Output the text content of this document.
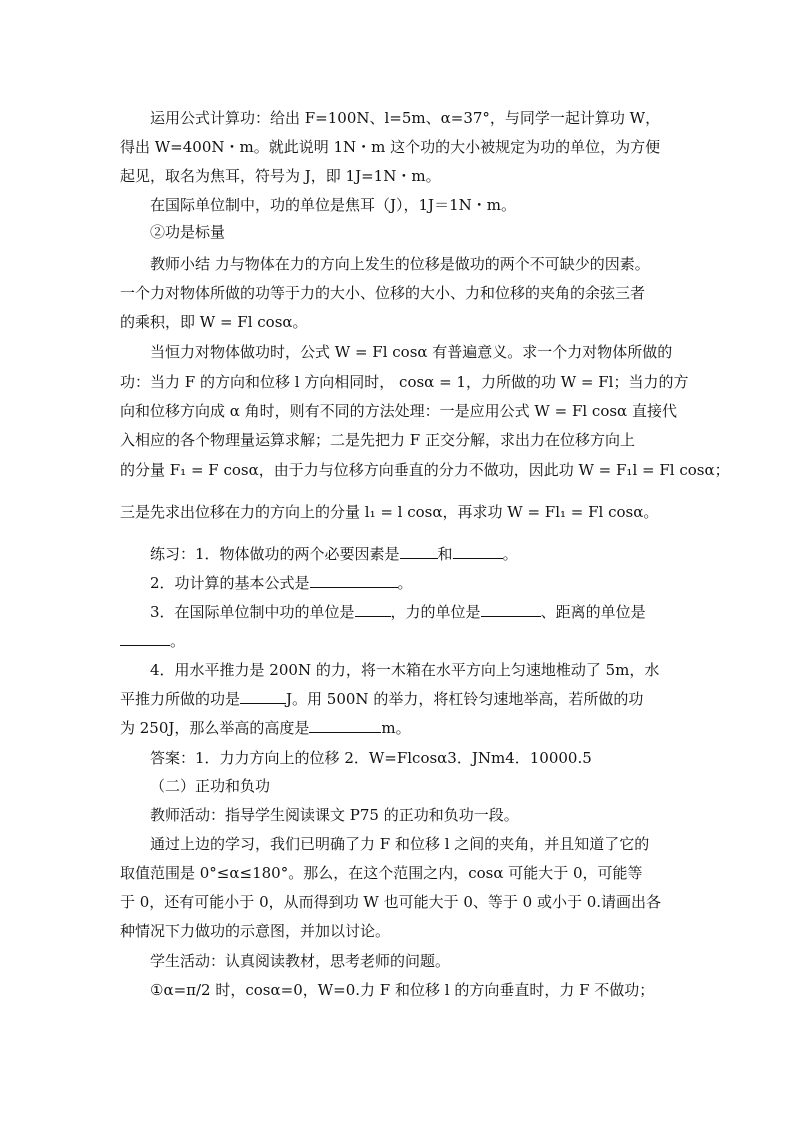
运用公式计算功：给出 F=100N、l=5m、α=37°，与同学一起计算功 W，
得出 W=400N・m。就此说明 1N・m 这个功的大小被规定为功的单位，为方便
起见，取名为焦耳，符号为 J，即 1J=1N・m。
在国际单位制中，功的单位是焦耳（J），1J＝1N・m。
②功是标量
教师小结 力与物体在力的方向上发生的位移是做功的两个不可缺少的因素。
一个力对物体所做的功等于力的大小、位移的大小、力和位移的夹角的余弦三者
的乘积，即 W = Fl cosα。
当恒力对物体做功时，公式 W = Fl cosα 有普遍意义。求一个力对物体所做的
功：当力 F 的方向和位移 l 方向相同时， cosα = 1，力所做的功 W = Fl；当力的方
向和位移方向成 α 角时，则有不同的方法处理：一是应用公式 W = Fl cosα 直接代
入相应的各个物理量运算求解；二是先把力 F 正交分解，求出力在位移方向上
的分量 F₁ = F cosα，由于力与位移方向垂直的分力不做功，因此功 W = F₁l = Fl cosα；
三是先求出位移在力的方向上的分量 l₁ = l cosα，再求功 W = Fl₁ = Fl cosα。
练习：1．物体做功的两个必要因素是	和	。
2．功计算的基本公式是	。
3．在国际单位制中功的单位是 ，力的单位是	、距离的单位是
。
4．用水平推力是 200N 的力，将一木箱在水平方向上匀速地椎动了 5m，水
平推力所做的功是	J。用 500N 的举力，将杠铃匀速地举高，若所做的功
为 250J，那么举高的高度是	m。
答案：1．力力方向上的位移 2．W=Flcosα3．JNm4．10000.5
（二）正功和负功
教师活动：指导学生阅读课文 P75 的正功和负功一段。
通过上边的学习，我们已明确了力 F 和位移 l 之间的夹角，并且知道了它的
取值范围是 0°≤α≤180°。那么，在这个范围之内，cosα 可能大于 0，可能等
于 0，还有可能小于 0，从而得到功 W 也可能大于 0、等于 0 或小于 0.请画出各
种情况下力做功的示意图，并加以讨论。
学生活动：认真阅读教材，思考老师的问题。
①α=π/2 时，cosα=0，W=0.力 F 和位移 l 的方向垂直时，力 F 不做功；
